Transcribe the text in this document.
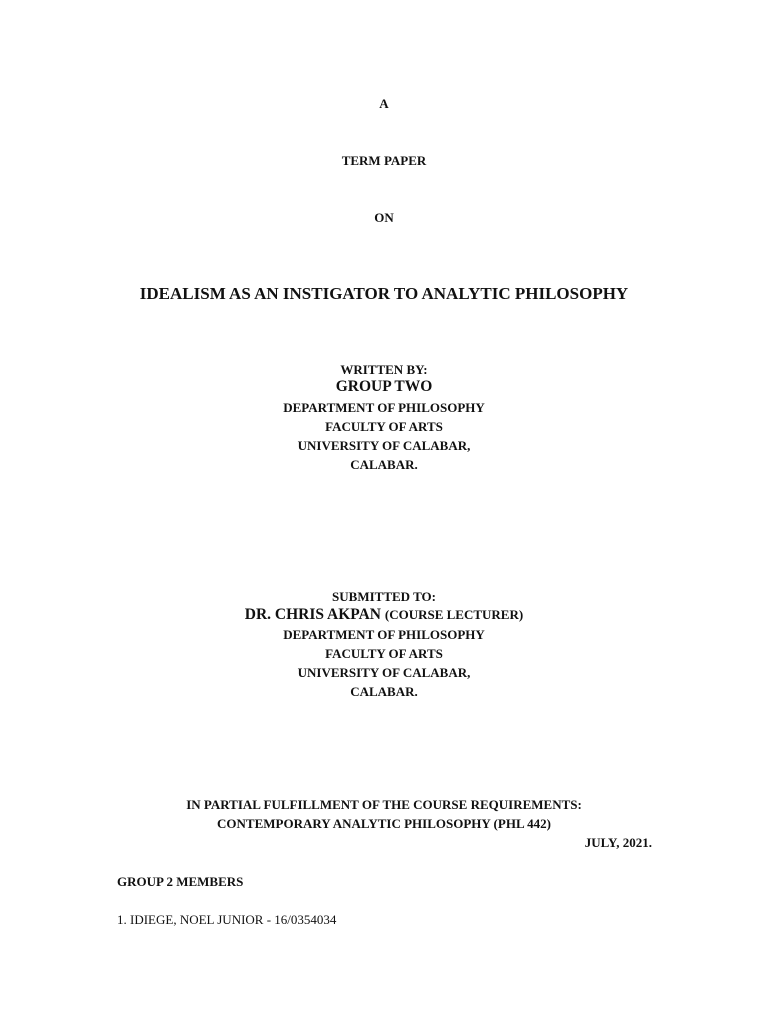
A
TERM PAPER
ON
IDEALISM AS AN INSTIGATOR TO ANALYTIC PHILOSOPHY
WRITTEN BY:
GROUP TWO
DEPARTMENT OF PHILOSOPHY
FACULTY OF ARTS
UNIVERSITY OF CALABAR,
CALABAR.
SUBMITTED TO:
DR. CHRIS AKPAN (COURSE LECTURER)
DEPARTMENT OF PHILOSOPHY
FACULTY OF ARTS
UNIVERSITY OF CALABAR,
CALABAR.
IN PARTIAL FULFILLMENT OF THE COURSE REQUIREMENTS:
CONTEMPORARY ANALYTIC PHILOSOPHY (PHL 442)
JULY, 2021.
GROUP 2 MEMBERS
1. IDIEGE, NOEL JUNIOR - 16/0354034
